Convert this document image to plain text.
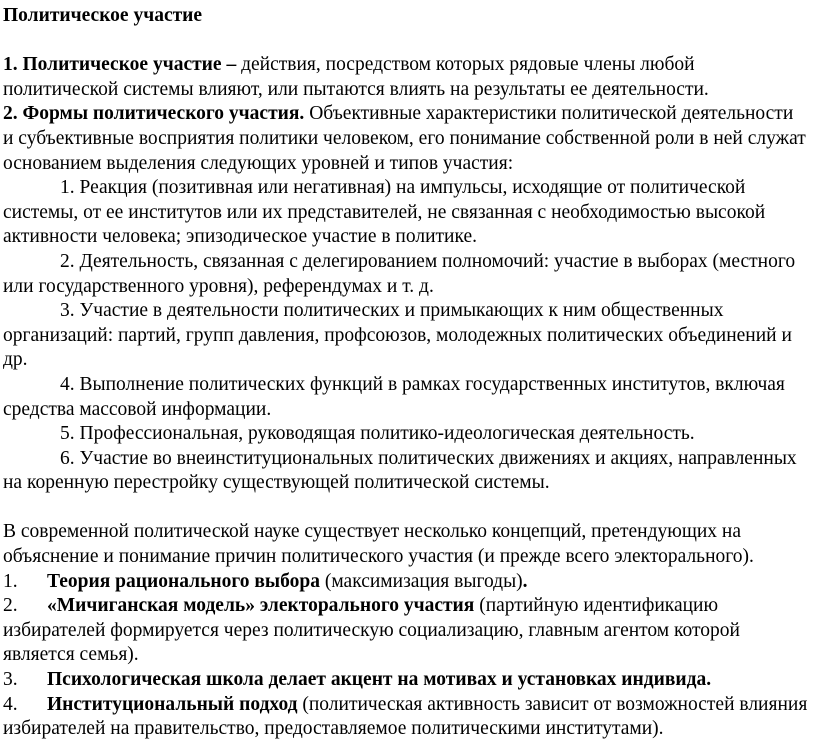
Политическое участие

1. Политическое участие – действия, посредством которых рядовые члены любой политической системы влияют, или пытаются влиять на результаты ее деятельности.

2. Формы политического участия. Объективные характеристики политической деятельности и субъективные восприятия политики человеком, его понимание собственной роли в ней служат основанием выделения следующих уровней и типов участия:

1. Реакция (позитивная или негативная) на импульсы, исходящие от политической системы, от ее институтов или их представителей, не связанная с необходимостью высокой активности человека; эпизодическое участие в политике.

2. Деятельность, связанная с делегированием полномочий: участие в выборах (местного или государственного уровня), референдумах и т. д.

3. Участие в деятельности политических и примыкающих к ним общественных организаций: партий, групп давления, профсоюзов, молодежных политических объединений и др.

4. Выполнение политических функций в рамках государственных институтов, включая средства массовой информации.

5. Профессиональная, руководящая политико-идеологическая деятельность.

6. Участие во внеинституциональных политических движениях и акциях, направленных на коренную перестройку существующей политической системы.

В современной политической науке существует несколько концепций, претендующих на объяснение и понимание причин политического участия (и прежде всего электорального).

1. Теория рационального выбора (максимизация выгоды).

2. «Мичиганская модель» электорального участия (партийную идентификацию избирателей формируется через политическую социализацию, главным агентом которой является семья).

3. Психологическая школа делает акцент на мотивах и установках индивида.

4. Институциональный подход (политическая активность зависит от возможностей влияния избирателей на правительство, предоставляемое политическими институтами).
